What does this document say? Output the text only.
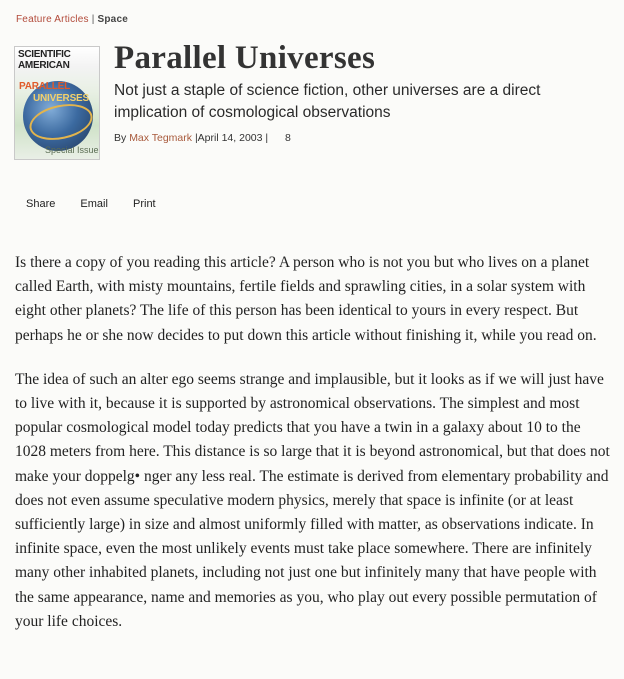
Feature Articles | Space
SCIENTIFIC
AMERICAN
PARALLEL
UNIVERSES
Special Issue
Parallel Universes

Not just a staple of science fiction, other universes are a direct implication of cosmological observations

By Max Tegmark |April 14, 2003 | 8
Share Email Print

Is there a copy of you reading this article? A person who is not you but who lives on a planet called Earth, with misty mountains, fertile fields and sprawling cities, in a solar system with eight other planets? The life of this person has been identical to yours in every respect. But perhaps he or she now decides to put down this article without finishing it, while you read on.

The idea of such an alter ego seems strange and implausible, but it looks as if we will just have to live with it, because it is supported by astronomical observations. The simplest and most popular cosmological model today predicts that you have a twin in a galaxy about 10 to the 1028 meters from here. This distance is so large that it is beyond astronomical, but that does not make your doppelg• nger any less real. The estimate is derived from elementary probability and does not even assume speculative modern physics, merely that space is infinite (or at least sufficiently large) in size and almost uniformly filled with matter, as observations indicate. In infinite space, even the most unlikely events must take place somewhere. There are infinitely many other inhabited planets, including not just one but infinitely many that have people with the same appearance, name and memories as you, who play out every possible permutation of your life choices.
